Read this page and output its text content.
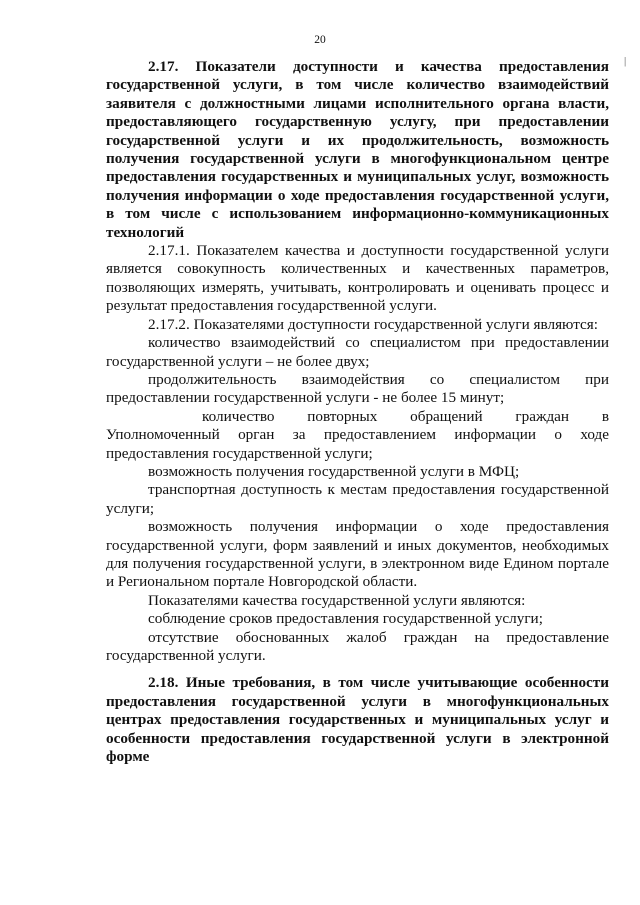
20
|

2.17. Показатели доступности и качества предоставления государственной услуги, в том числе количество взаимодействий заявителя с должностными лицами исполнительного органа власти, предоставляющего государственную услугу, при предоставлении государственной услуги и их продолжительность, возможность получения государственной услуги в многофункциональном центре предоставления государственных и муниципальных услуг, возможность получения информации о ходе предоставления государственной услуги, в том числе с использованием информационно-коммуникационных технологий

2.17.1. Показателем качества и доступности государственной услуги является совокупность количественных и качественных параметров, позволяющих измерять, учитывать, контролировать и оценивать процесс и результат предоставления государственной услуги.

2.17.2. Показателями доступности государственной услуги являются:

количество взаимодействий со специалистом при предоставлении государственной услуги – не более двух;

продолжительность взаимодействия со специалистом при предоставлении государственной услуги - не более 15 минут;

количество повторных обращений граждан в Уполномоченный орган за предоставлением информации о ходе предоставления государственной услуги;

возможность получения государственной услуги в МФЦ;

транспортная доступность к местам предоставления государственной услуги;

возможность получения информации о ходе предоставления государственной услуги, форм заявлений и иных документов, необходимых для получения государственной услуги, в электронном виде Едином портале и Региональном портале Новгородской области.

Показателями качества государственной услуги являются:

соблюдение сроков предоставления государственной услуги;

отсутствие обоснованных жалоб граждан на предоставление государственной услуги.

2.18. Иные требования, в том числе учитывающие особенности предоставления государственной услуги в многофункциональных центрах предоставления государственных и муниципальных услуг и особенности предоставления государственной услуги в электронной форме
